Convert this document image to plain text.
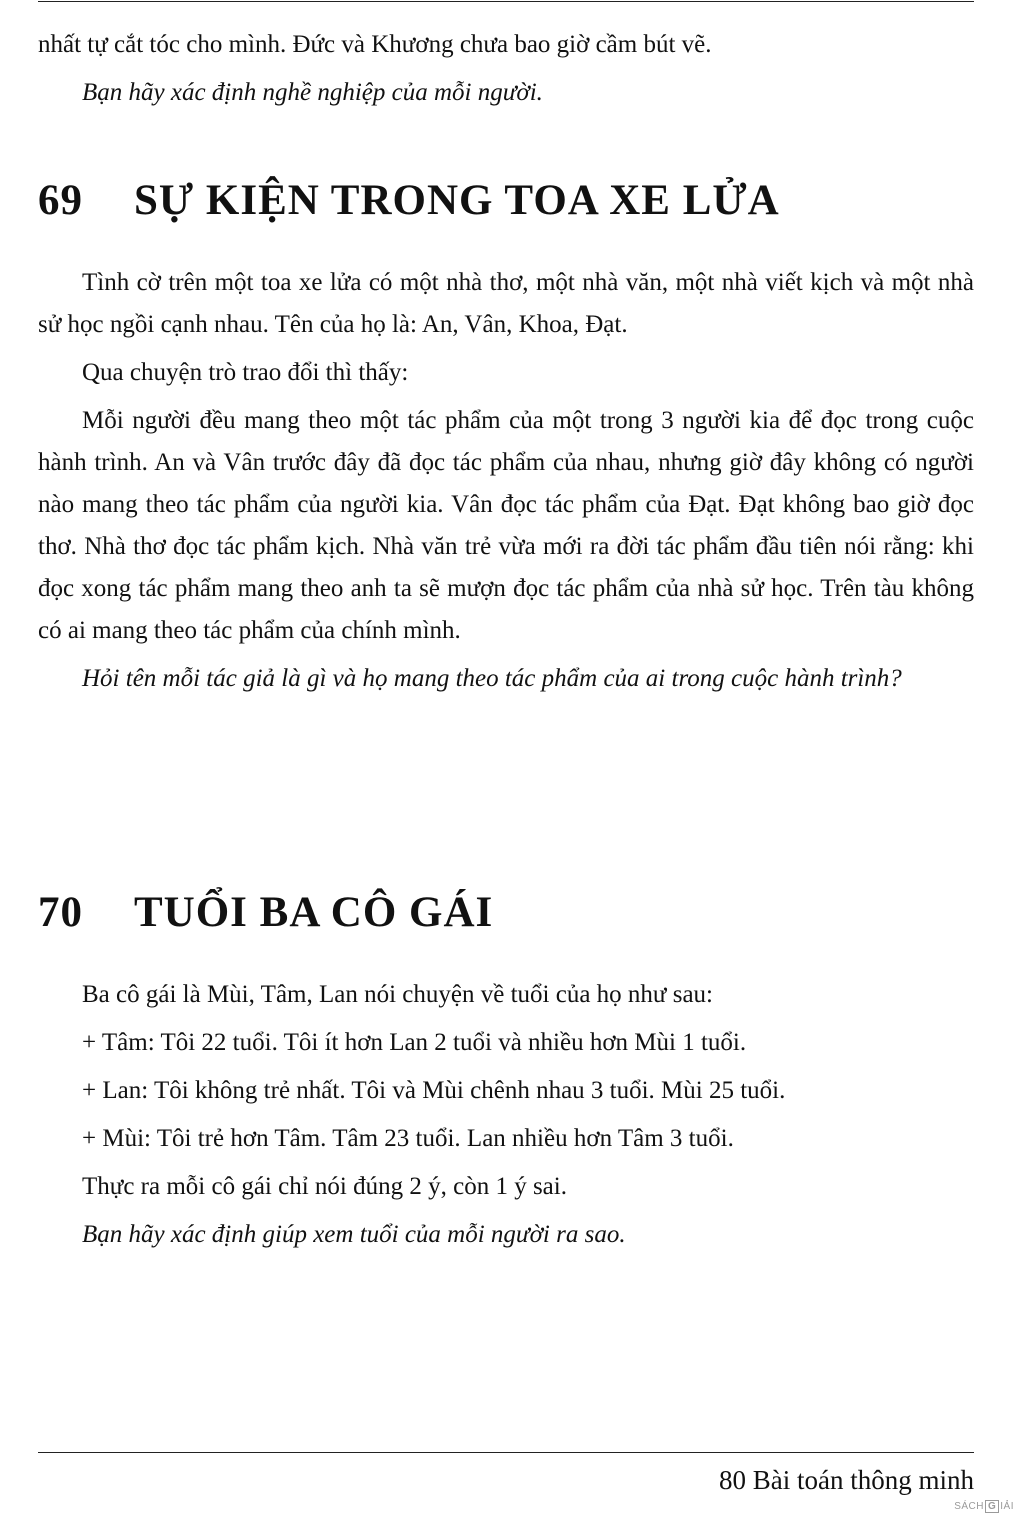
nhất tự cắt tóc cho mình. Đức và Khương chưa bao giờ cầm bút vẽ.

Bạn hãy xác định nghề nghiệp của mỗi người.

69 SỰ KIỆN TRONG TOA XE LỬA

Tình cờ trên một toa xe lửa có một nhà thơ, một nhà văn, một nhà viết kịch và một nhà sử học ngồi cạnh nhau. Tên của họ là: An, Vân, Khoa, Đạt.

Qua chuyện trò trao đổi thì thấy:

Mỗi người đều mang theo một tác phẩm của một trong 3 người kia để đọc trong cuộc hành trình. An và Vân trước đây đã đọc tác phẩm của nhau, nhưng giờ đây không có người nào mang theo tác phẩm của người kia. Vân đọc tác phẩm của Đạt. Đạt không bao giờ đọc thơ. Nhà thơ đọc tác phẩm kịch. Nhà văn trẻ vừa mới ra đời tác phẩm đầu tiên nói rằng: khi đọc xong tác phẩm mang theo anh ta sẽ mượn đọc tác phẩm của nhà sử học. Trên tàu không có ai mang theo tác phẩm của chính mình.

Hỏi tên mỗi tác giả là gì và họ mang theo tác phẩm của ai trong cuộc hành trình?

70 TUỔI BA CÔ GÁI

Ba cô gái là Mùi, Tâm, Lan nói chuyện về tuổi của họ như sau:

+ Tâm: Tôi 22 tuổi. Tôi ít hơn Lan 2 tuổi và nhiều hơn Mùi 1 tuổi.

+ Lan: Tôi không trẻ nhất. Tôi và Mùi chênh nhau 3 tuổi. Mùi 25 tuổi.

+ Mùi: Tôi trẻ hơn Tâm. Tâm 23 tuổi. Lan nhiều hơn Tâm 3 tuổi.

Thực ra mỗi cô gái chỉ nói đúng 2 ý, còn 1 ý sai.

Bạn hãy xác định giúp xem tuổi của mỗi người ra sao.

80 Bài toán thông minh
SÁCH G IẢI
